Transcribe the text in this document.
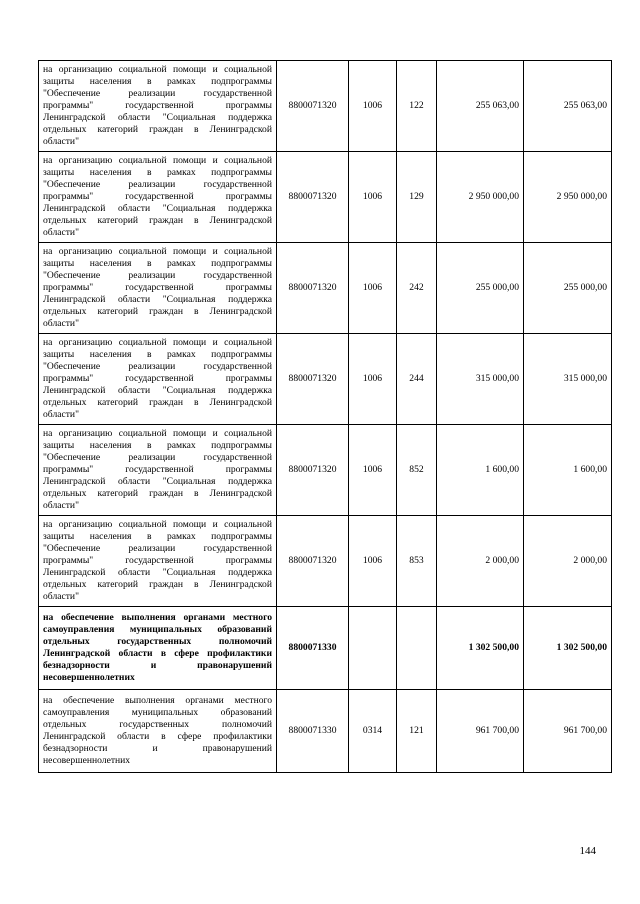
на организацию социальной помощи и социальной защиты населения в рамках подпрограммы "Обеспечение реализации государственной программы" государственной программы Ленинградской области "Социальная поддержка отдельных категорий граждан в Ленинградской области"	8800071320	1006	122	255 063,00	255 063,00
на организацию социальной помощи и социальной защиты населения в рамках подпрограммы "Обеспечение реализации государственной программы" государственной программы Ленинградской области "Социальная поддержка отдельных категорий граждан в Ленинградской области"	8800071320	1006	129	2 950 000,00	2 950 000,00
на организацию социальной помощи и социальной защиты населения в рамках подпрограммы "Обеспечение реализации государственной программы" государственной программы Ленинградской области "Социальная поддержка отдельных категорий граждан в Ленинградской области"	8800071320	1006	242	255 000,00	255 000,00
на организацию социальной помощи и социальной защиты населения в рамках подпрограммы "Обеспечение реализации государственной программы" государственной программы Ленинградской области "Социальная поддержка отдельных категорий граждан в Ленинградской области"	8800071320	1006	244	315 000,00	315 000,00
на организацию социальной помощи и социальной защиты населения в рамках подпрограммы "Обеспечение реализации государственной программы" государственной программы Ленинградской области "Социальная поддержка отдельных категорий граждан в Ленинградской области"	8800071320	1006	852	1 600,00	1 600,00
на организацию социальной помощи и социальной защиты населения в рамках подпрограммы "Обеспечение реализации государственной программы" государственной программы Ленинградской области "Социальная поддержка отдельных категорий граждан в Ленинградской области"	8800071320	1006	853	2 000,00	2 000,00
на обеспечение выполнения органами местного самоуправления муниципальных образований отдельных государственных полномочий Ленинградской области в сфере профилактики безнадзорности и правонарушений несовершеннолетних	8800071330			1 302 500,00	1 302 500,00
на обеспечение выполнения органами местного самоуправления муниципальных образований отдельных государственных полномочий Ленинградской области в сфере профилактики безнадзорности и правонарушений несовершеннолетних	8800071330	0314	121	961 700,00	961 700,00
144
